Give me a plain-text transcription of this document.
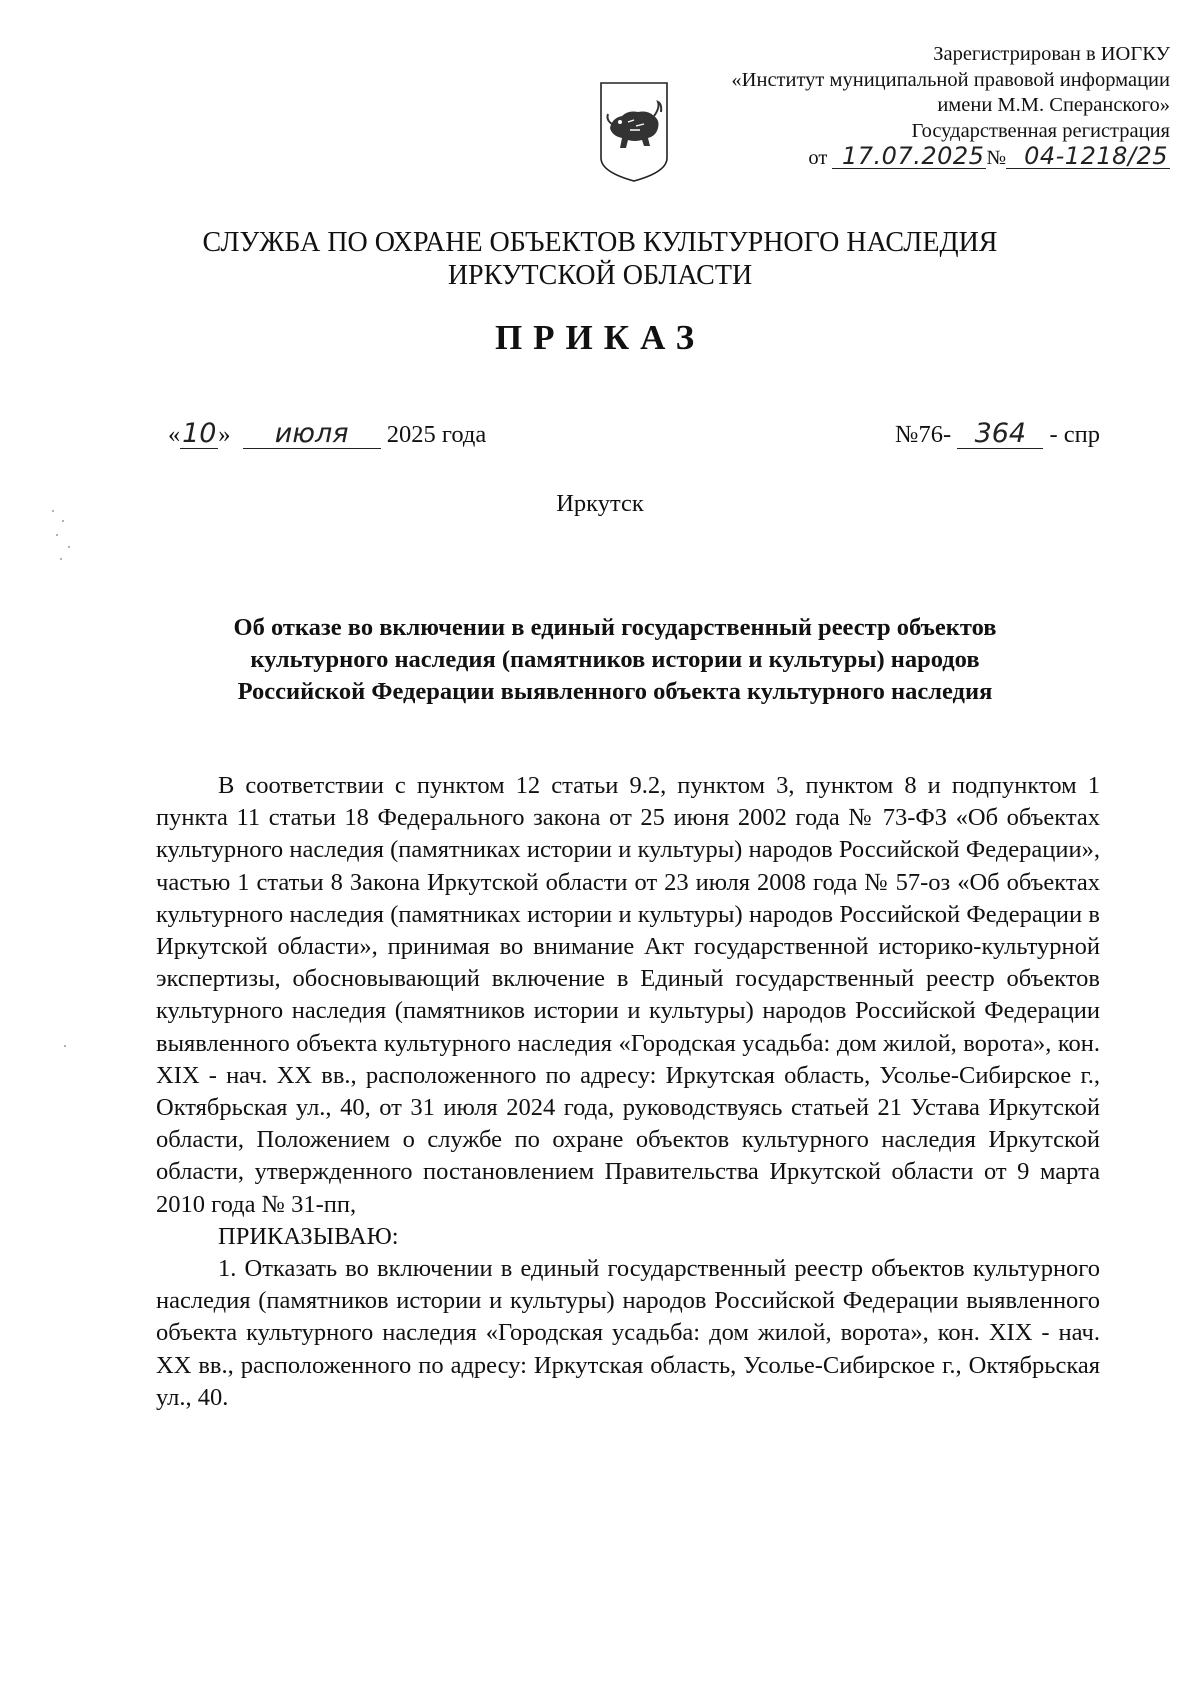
Зарегистрирован в ИОГКУ
«Институт муниципальной правовой информации
имени М.М. Сперанского»
Государственная регистрация
от 17.07.2025№ 04-1218/25
СЛУЖБА ПО ОХРАНЕ ОБЪЕКТОВ КУЛЬТУРНОГО НАСЛЕДИЯ
ИРКУТСКОЙ ОБЛАСТИ
ПРИКАЗ
«10» июля 2025 года	№76- 364 - спр
Иркутск
Об отказе во включении в единый государственный реестр объектов
культурного наследия (памятников истории и культуры) народов
Российской Федерации выявленного объекта культурного наследия

В соответствии с пунктом 12 статьи 9.2, пунктом 3, пунктом 8 и подпунктом 1 пункта 11 статьи 18 Федерального закона от 25 июня 2002 года № 73-ФЗ «Об объектах культурного наследия (памятниках истории и культуры) народов Российской Федерации», частью 1 статьи 8 Закона Иркутской области от 23 июля 2008 года № 57-оз «Об объектах культурного наследия (памятниках истории и культуры) народов Российской Федерации в Иркутской области», принимая во внимание Акт государственной историко-культурной экспертизы, обосновывающий включение в Единый государственный реестр объектов культурного наследия (памятников истории и культуры) народов Российской Федерации выявленного объекта культурного наследия «Городская усадьба: дом жилой, ворота», кон. XIX - нач. XX вв., расположенного по адресу: Иркутская область, Усолье-Сибирское г., Октябрьская ул., 40, от 31 июля 2024 года, руководствуясь статьей 21 Устава Иркутской области, Положением о службе по охране объектов культурного наследия Иркутской области, утвержденного постановлением Правительства Иркутской области от 9 марта 2010 года № 31-пп,

ПРИКАЗЫВАЮ:

1. Отказать во включении в единый государственный реестр объектов культурного наследия (памятников истории и культуры) народов Российской Федерации выявленного объекта культурного наследия «Городская усадьба: дом жилой, ворота», кон. XIX - нач. XX вв., расположенного по адресу: Иркутская область, Усолье-Сибирское г., Октябрьская ул., 40.
